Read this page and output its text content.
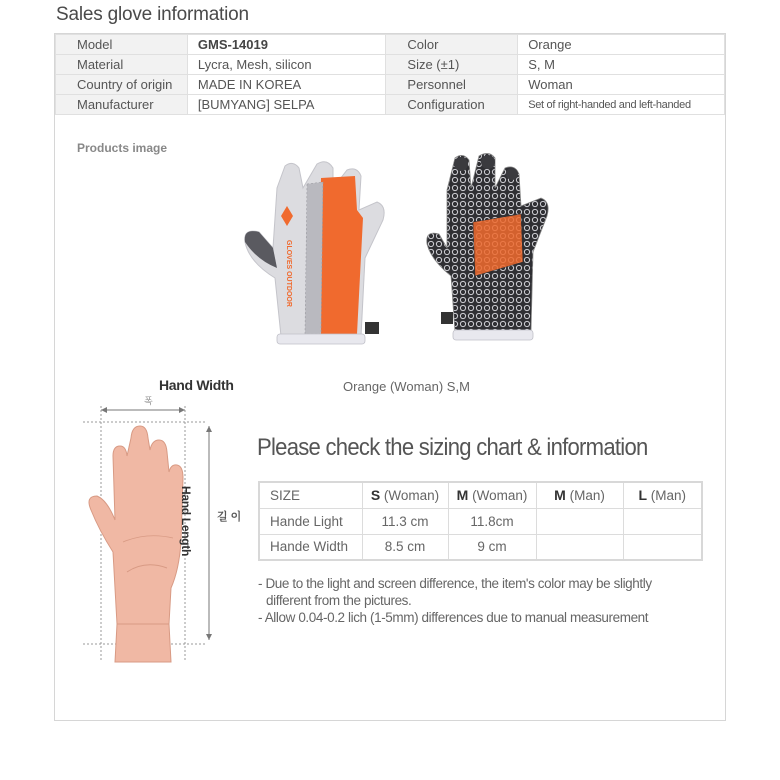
Sales glove information
Model	GMS-14019	Color	Orange
Material	Lycra, Mesh, silicon	Size (±1)	S, M
Country of origin	MADE IN KOREA	Personnel	Woman
Manufacturer	[BUMYANG] SELPA	Configuration	Set of right-handed and left-handed
Products image
GLOVES OUTDOOR
Orange (Woman) S,M
Hand Width
폭
길 이
Hand Length
Please check the sizing chart & information
SIZE	S (Woman)	M (Woman)	M (Man)	L (Man)
Hande Light	11.3 cm	11.8cm		
Hande Width	8.5 cm	9 cm		
- Due to the light and screen difference, the item's color may be slightly
different from the pictures.
- Allow 0.04-0.2 lich (1-5mm) differences due to manual measurement
